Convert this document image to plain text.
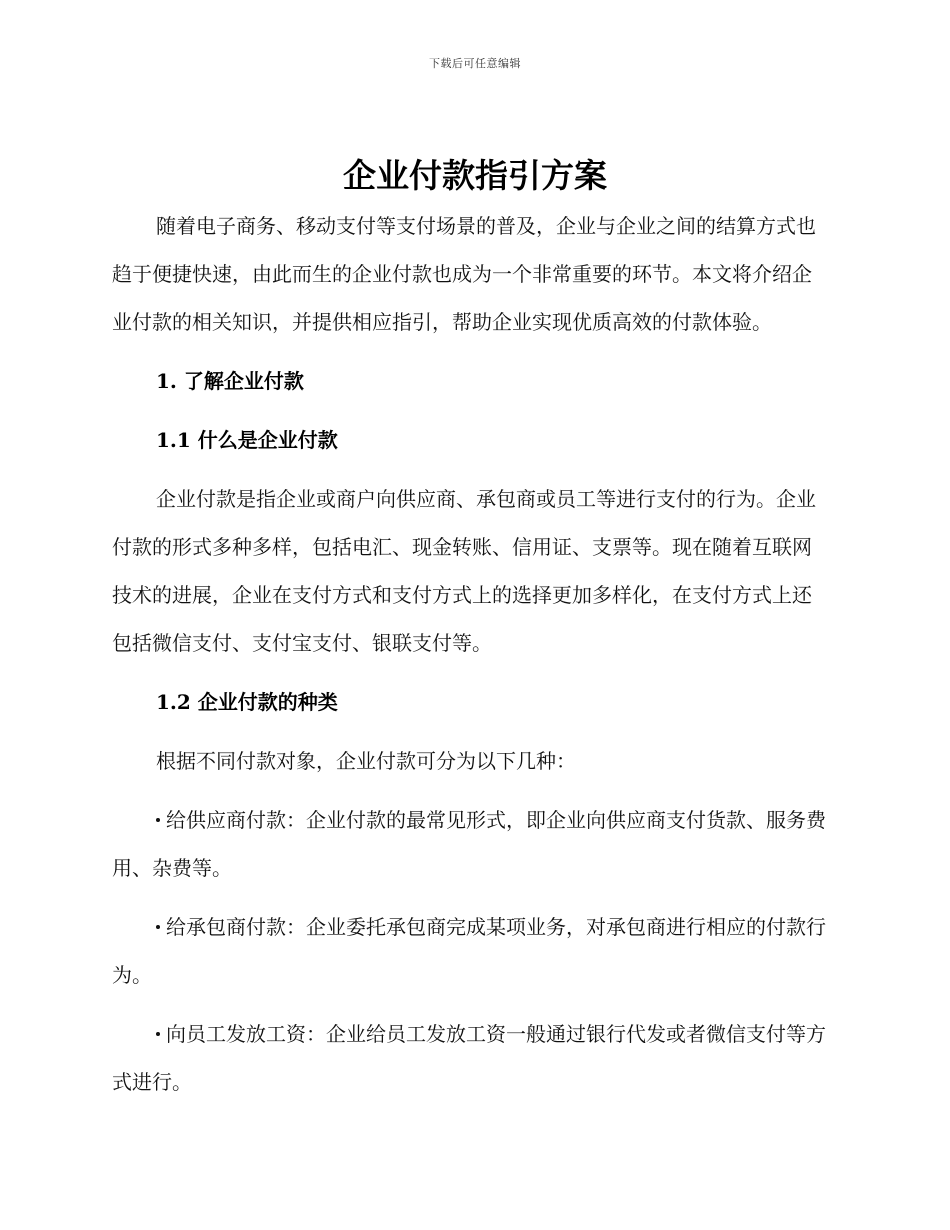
下载后可任意编辑
企业付款指引方案

随着电子商务、移动支付等支付场景的普及，企业与企业之间的结算方式也趋于便捷快速，由此而生的企业付款也成为一个非常重要的环节。本文将介绍企业付款的相关知识，并提供相应指引，帮助企业实现优质高效的付款体验。

1. 了解企业付款

1.1 什么是企业付款

企业付款是指企业或商户向供应商、承包商或员工等进行支付的行为。企业付款的形式多种多样，包括电汇、现金转账、信用证、支票等。现在随着互联网技术的进展，企业在支付方式和支付方式上的选择更加多样化，在支付方式上还包括微信支付、支付宝支付、银联支付等。

1.2 企业付款的种类

根据不同付款对象，企业付款可分为以下几种：

给供应商付款：企业付款的最常见形式，即企业向供应商支付货款、服务费用、杂费等。

给承包商付款：企业委托承包商完成某项业务，对承包商进行相应的付款行为。

向员工发放工资：企业给员工发放工资一般通过银行代发或者微信支付等方式进行。
